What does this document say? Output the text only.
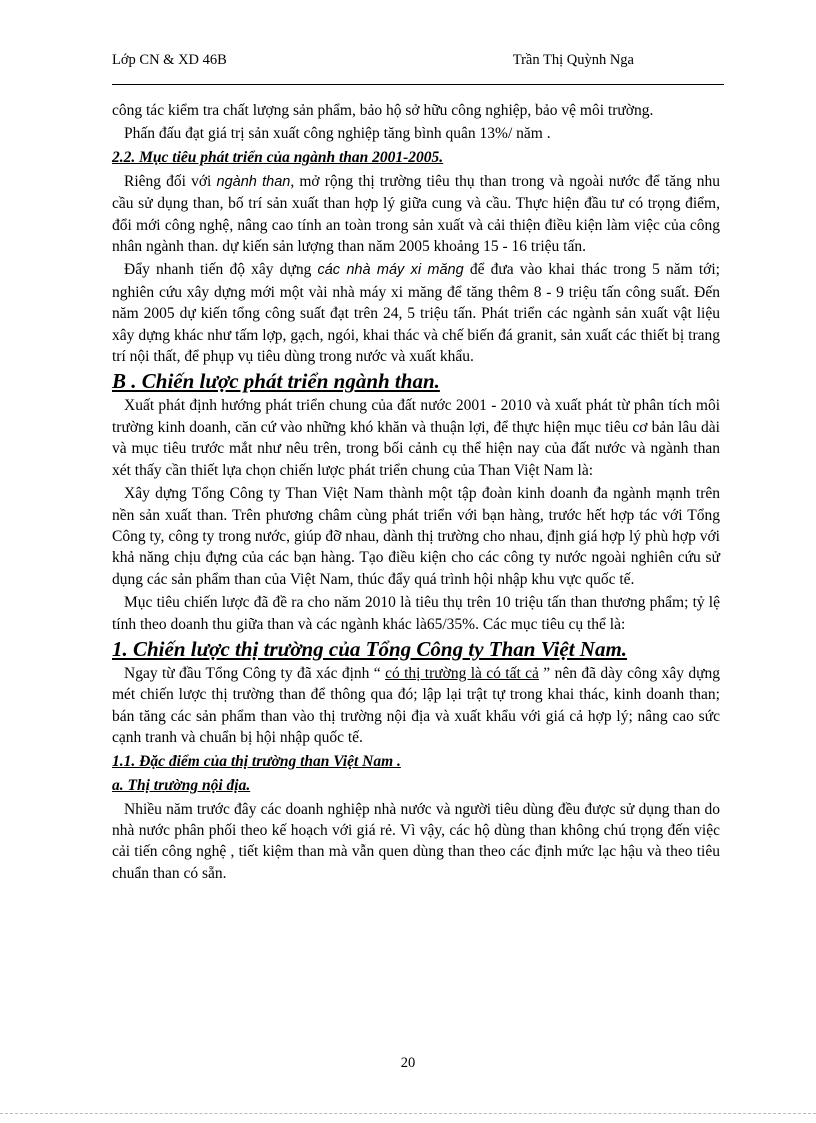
Lớp CN & XD 46B	Trần Thị Quỳnh Nga

công tác kiểm tra chất lượng sản phẩm, bảo hộ sở hữu công nghiệp, bảo vệ môi trường.

Phấn đấu đạt giá trị sản xuất công nghiệp tăng bình quân 13%/ năm .

2.2. Mục tiêu phát triển của ngành than 2001-2005.

Riêng đối với ngành than, mở rộng thị trường tiêu thụ than trong và ngoài nước để tăng nhu cầu sử dụng than, bố trí sản xuất than hợp lý giữa cung và cầu. Thực hiện đầu tư có trọng điểm, đổi mới công nghệ, nâng cao tính an toàn trong sản xuất và cải thiện điều kiện làm việc của công nhân ngành than. dự kiến sản lượng than năm 2005 khoảng 15 - 16 triệu tấn.

Đẩy nhanh tiến độ xây dựng các nhà máy xi măng để đưa vào khai thác trong 5 năm tới; nghiên cứu xây dựng mới một vài nhà máy xi măng để tăng thêm 8 - 9 triệu tấn công suất. Đến năm 2005 dự kiến tổng công suất đạt trên 24, 5 triệu tấn. Phát triển các ngành sản xuất vật liệu xây dựng khác như tấm lợp, gạch, ngói, khai thác và chế biến đá granit, sản xuất các thiết bị trang trí nội thất, để phụp vụ tiêu dùng trong nước và xuất khẩu.

B . Chiến lược phát triển ngành than.

Xuất phát định hướng phát triển chung của đất nước 2001 - 2010 và xuất phát từ phân tích môi trường kinh doanh, căn cứ vào những khó khăn và thuận lợi, để thực hiện mục tiêu cơ bản lâu dài và mục tiêu trước mắt như nêu trên, trong bối cảnh cụ thể hiện nay của đất nước và ngành than xét thấy cần thiết lựa chọn chiến lược phát triển chung của Than Việt Nam là:

Xây dựng Tổng Công ty Than Việt Nam thành một tập đoàn kinh doanh đa ngành mạnh trên nền sản xuất than. Trên phương châm cùng phát triển với bạn hàng, trước hết hợp tác với Tổng Công ty, công ty trong nước, giúp đỡ nhau, dành thị trường cho nhau, định giá hợp lý phù hợp với khả năng chịu đựng của các bạn hàng. Tạo điều kiện cho các công ty nước ngoài nghiên cứu sử dụng các sản phẩm than của Việt Nam, thúc đẩy quá trình hội nhập khu vực quốc tế.

Mục tiêu chiến lược đã đề ra cho năm 2010 là tiêu thụ trên 10 triệu tấn than thương phẩm; tỷ lệ tính theo doanh thu giữa than và các ngành khác là65/35%. Các mục tiêu cụ thể là:

1. Chiến lược thị trường của Tổng Công ty Than Việt Nam.

Ngay từ đầu Tổng Công ty đã xác định “ có thị trường là có tất cả ” nên đã dày công xây dựng mét chiến lược thị trường than để thông qua đó; lập lại trật tự trong khai thác, kinh doanh than; bán tăng các sản phẩm than vào thị trường nội địa và xuất khẩu với giá cả hợp lý; nâng cao sức cạnh tranh và chuẩn bị hội nhập quốc tế.

1.1. Đặc điểm của thị trường than Việt Nam .
a. Thị trường nội địa.

Nhiều năm trước đây các doanh nghiệp nhà nước và người tiêu dùng đều được sử dụng than do nhà nước phân phối theo kế hoạch với giá rẻ. Vì vậy, các hộ dùng than không chú trọng đến việc cải tiến công nghệ , tiết kiệm than mà vẫn quen dùng than theo các định mức lạc hậu và theo tiêu chuẩn than có sẵn.

20
